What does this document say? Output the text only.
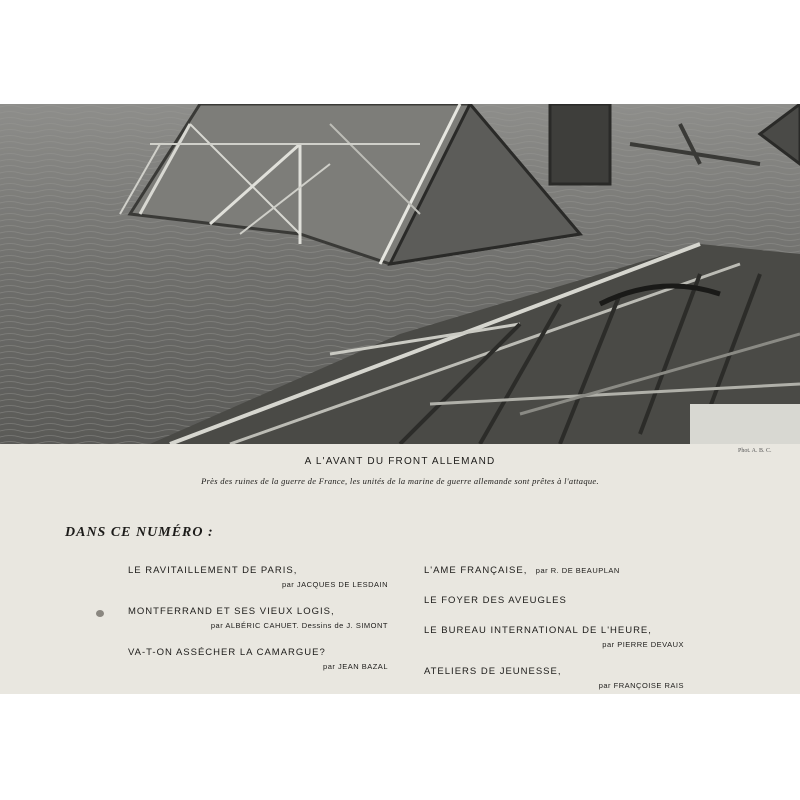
Phot. A. B. C.
A L'AVANT DU FRONT ALLEMAND
Près des ruines de la guerre de France, les unités de la marine de guerre allemande sont prêtes à l'attaque.
DANS CE NUMÉRO :
LE RAVITAILLEMENT DE PARIS,
par JACQUES DE LESDAIN
MONTFERRAND ET SES VIEUX LOGIS,
par ALBÉRIC CAHUET. Dessins de J. SIMONT
VA-T-ON ASSÉCHER LA CAMARGUE?
par JEAN BAZAL
L'AME FRANÇAISE, par R. DE BEAUPLAN
LE FOYER DES AVEUGLES
LE BUREAU INTERNATIONAL DE L'HEURE,
par PIERRE DEVAUX
ATELIERS DE JEUNESSE,
par FRANÇOISE RAIS
